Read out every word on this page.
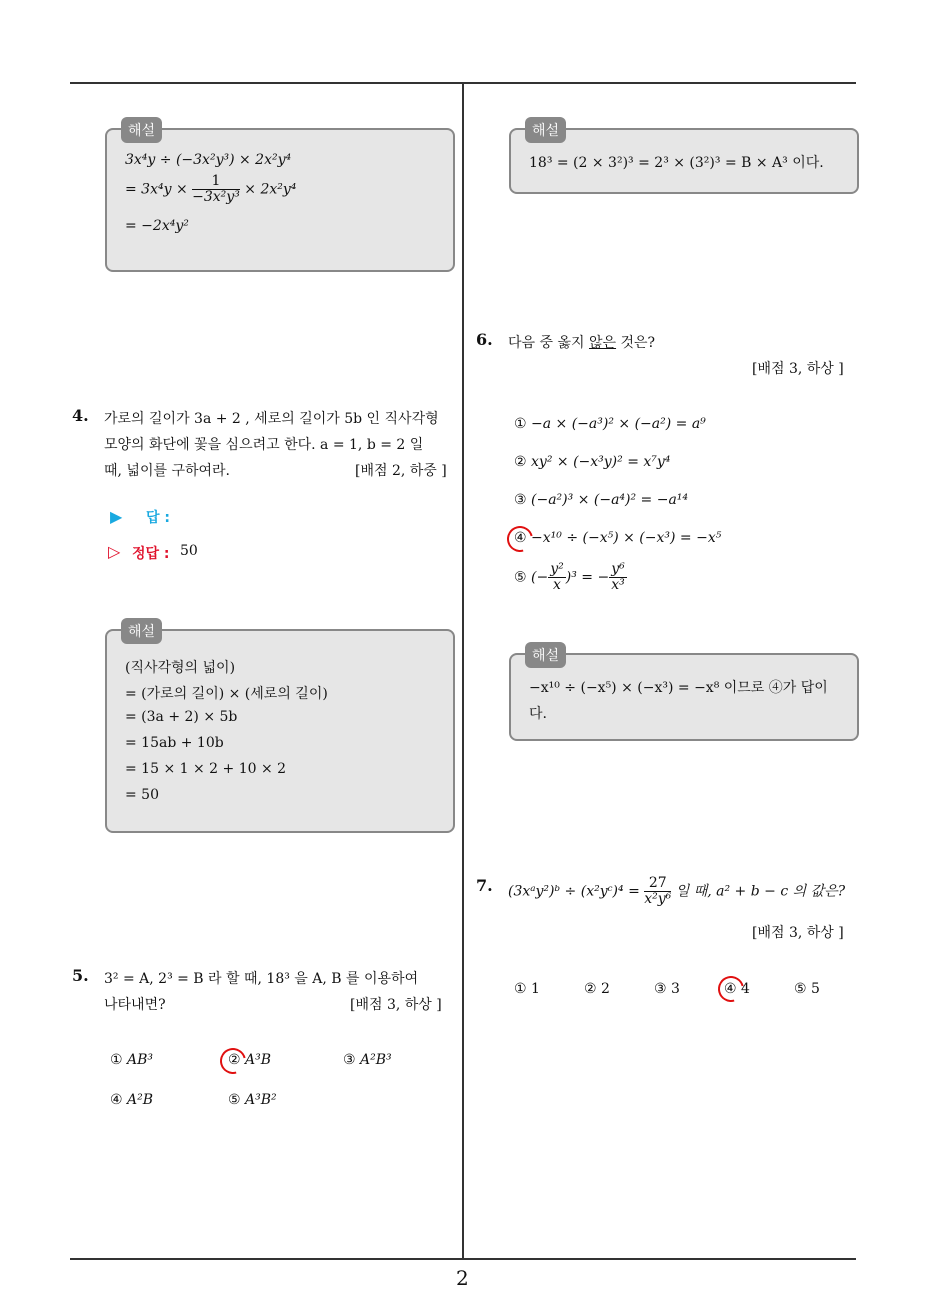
해설
3x⁴y ÷ (−3x²y³) × 2x²y⁴
= $3x^4y \times \frac{1}{\text{−3x²y³}} \times 2x^2y^4$
= −2x⁴y²
4. 가로의 길이가 3a + 2 , 세로의 길이가 5b 인 직사각형
모양의 화단에 꽃을 심으려고 한다. a = 1, b = 2 일
때, 넓이를 구하여라.	[배점 2, 하중 ]
▶ 답 :
▷ 정답 : 50
해설
(직사각형의 넓이)
= (가로의 길이) × (세로의 길이)
= (3a + 2) × 5b
= 15ab + 10b
= 15 × 1 × 2 + 10 × 2
= 50
5. 3² = A, 2³ = B 라 할 때, 18³ 을 A, B 를 이용하여
나타내면?	[배점 3, 하상 ]
① AB³	② A³B	③ A²B³
④ A²B	⑤ A³B²
해설
18³ = (2 × 3²)³ = 2³ × (3²)³ = B × A³ 이다.
6. 다음 중 옳지 않은 것은?
[배점 3, 하상 ]
① −a × (−a³)² × (−a²) = a⁹
② xy² × (−x³y)² = x⁷y⁴
③ (−a²)³ × (−a⁴)² = −a¹⁴
④ −x¹⁰ ÷ (−x⁵) × (−x³) = −x⁵
⑤ (− $\frac{\text{y²}}{x} )^3$ = − $\frac{\text{y⁶}}{\text{x³}}$
해설
−x¹⁰ ÷ (−x⁵) × (−x³) = −x⁸ 이므로 ④가 답이
다.
7. (3xᵃy²)ᵇ ÷ (x²yᶜ)⁴ = $\frac{27}{\text{x²y⁶}}$ 일 때, a² + b − c 의 값은?
[배점 3, 하상 ]
① 1	② 2	③ 3	④ 4	⑤ 5
2
